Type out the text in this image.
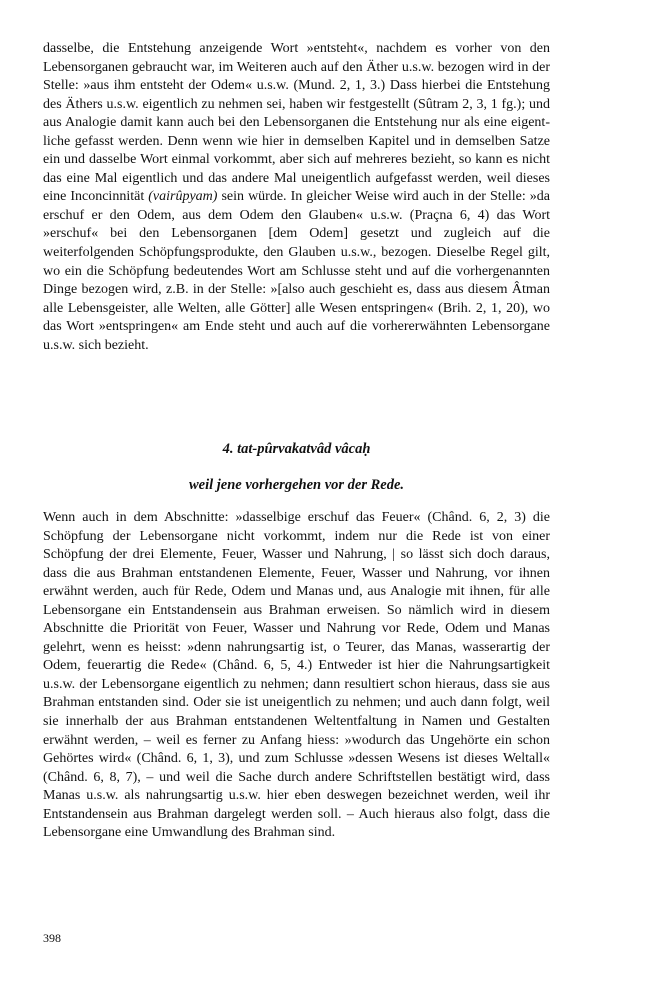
dasselbe, die Entstehung anzeigende Wort »entsteht«, nachdem es vorher von den Lebensorganen gebraucht war, im Weiteren auch auf den Äther u.s.w. bezogen wird in der Stelle: »aus ihm entsteht der Odem« u.s.w. (Mund. 2, 1, 3.) Dass hierbei die Entstehung des Äthers u.s.w. eigentlich zu nehmen sei, haben wir festgestellt (Sûtram 2, 3, 1 fg.); und aus Analogie damit kann auch bei den Lebensorganen die Entstehung nur als eine eigentliche gefasst werden. Denn wenn wie hier in demselben Kapitel und in demselben Satze ein und dasselbe Wort einmal vorkommt, aber sich auf mehreres bezieht, so kann es nicht das eine Mal eigentlich und das andere Mal uneigentlich aufgefasst werden, weil dieses eine Inconcinnität (vairûpyam) sein würde. In gleicher Weise wird auch in der Stelle: »da erschuf er den Odem, aus dem Odem den Glauben« u.s.w. (Praçna 6, 4) das Wort »erschuf« bei den Lebensorganen [dem Odem] gesetzt und zugleich auf die weiterfolgenden Schöpfungsprodukte, den Glauben u.s.w., bezogen. Dieselbe Regel gilt, wo ein die Schöpfung bedeutendes Wort am Schlusse steht und auf die vorhergenannten Dinge bezogen wird, z.B. in der Stelle: »[also auch geschieht es, dass aus diesem Âtman alle Lebensgeister, alle Welten, alle Götter] alle Wesen entspringen« (Brih. 2, 1, 20), wo das Wort »entspringen« am Ende steht und auch auf die vorhererwähnten Lebensorgane u.s.w. sich bezieht.

4. tat-pûrvakatvâd vâcaḥ
weil jene vorhergehen vor der Rede.

Wenn auch in dem Abschnitte: »dasselbige erschuf das Feuer« (Chând. 6, 2, 3) die Schöpfung der Lebensorgane nicht vorkommt, indem nur die Rede ist von einer Schöpfung der drei Elemente, Feuer, Wasser und Nahrung, | so lässt sich doch daraus, dass die aus Brahman entstandenen Elemente, Feuer, Wasser und Nahrung, vor ihnen erwähnt werden, auch für Rede, Odem und Manas und, aus Analogie mit ihnen, für alle Lebensorgane ein Entstandensein aus Brahman erweisen. So nämlich wird in diesem Abschnitte die Priorität von Feuer, Wasser und Nahrung vor Rede, Odem und Manas gelehrt, wenn es heisst: »denn nahrungsartig ist, o Teurer, das Manas, wasserartig der Odem, feuerartig die Rede« (Chând. 6, 5, 4.) Entweder ist hier die Nahrungsartigkeit u.s.w. der Lebensorgane eigentlich zu nehmen; dann resultiert schon hieraus, dass sie aus Brahman entstanden sind. Oder sie ist uneigentlich zu nehmen; und auch dann folgt, weil sie innerhalb der aus Brahman entstandenen Weltentfaltung in Namen und Gestalten erwähnt werden, – weil es ferner zu Anfang hiess: »wodurch das Ungehörte ein schon Gehörtes wird« (Chând. 6, 1, 3), und zum Schlusse »dessen Wesens ist dieses Weltall« (Chând. 6, 8, 7), – und weil die Sache durch andere Schriftstellen bestätigt wird, dass Manas u.s.w. als nahrungsartig u.s.w. hier eben deswegen bezeichnet werden, weil ihr Entstandensein aus Brahman dargelegt werden soll. – Auch hieraus also folgt, dass die Lebensorgane eine Umwandlung des Brahman sind.

398
